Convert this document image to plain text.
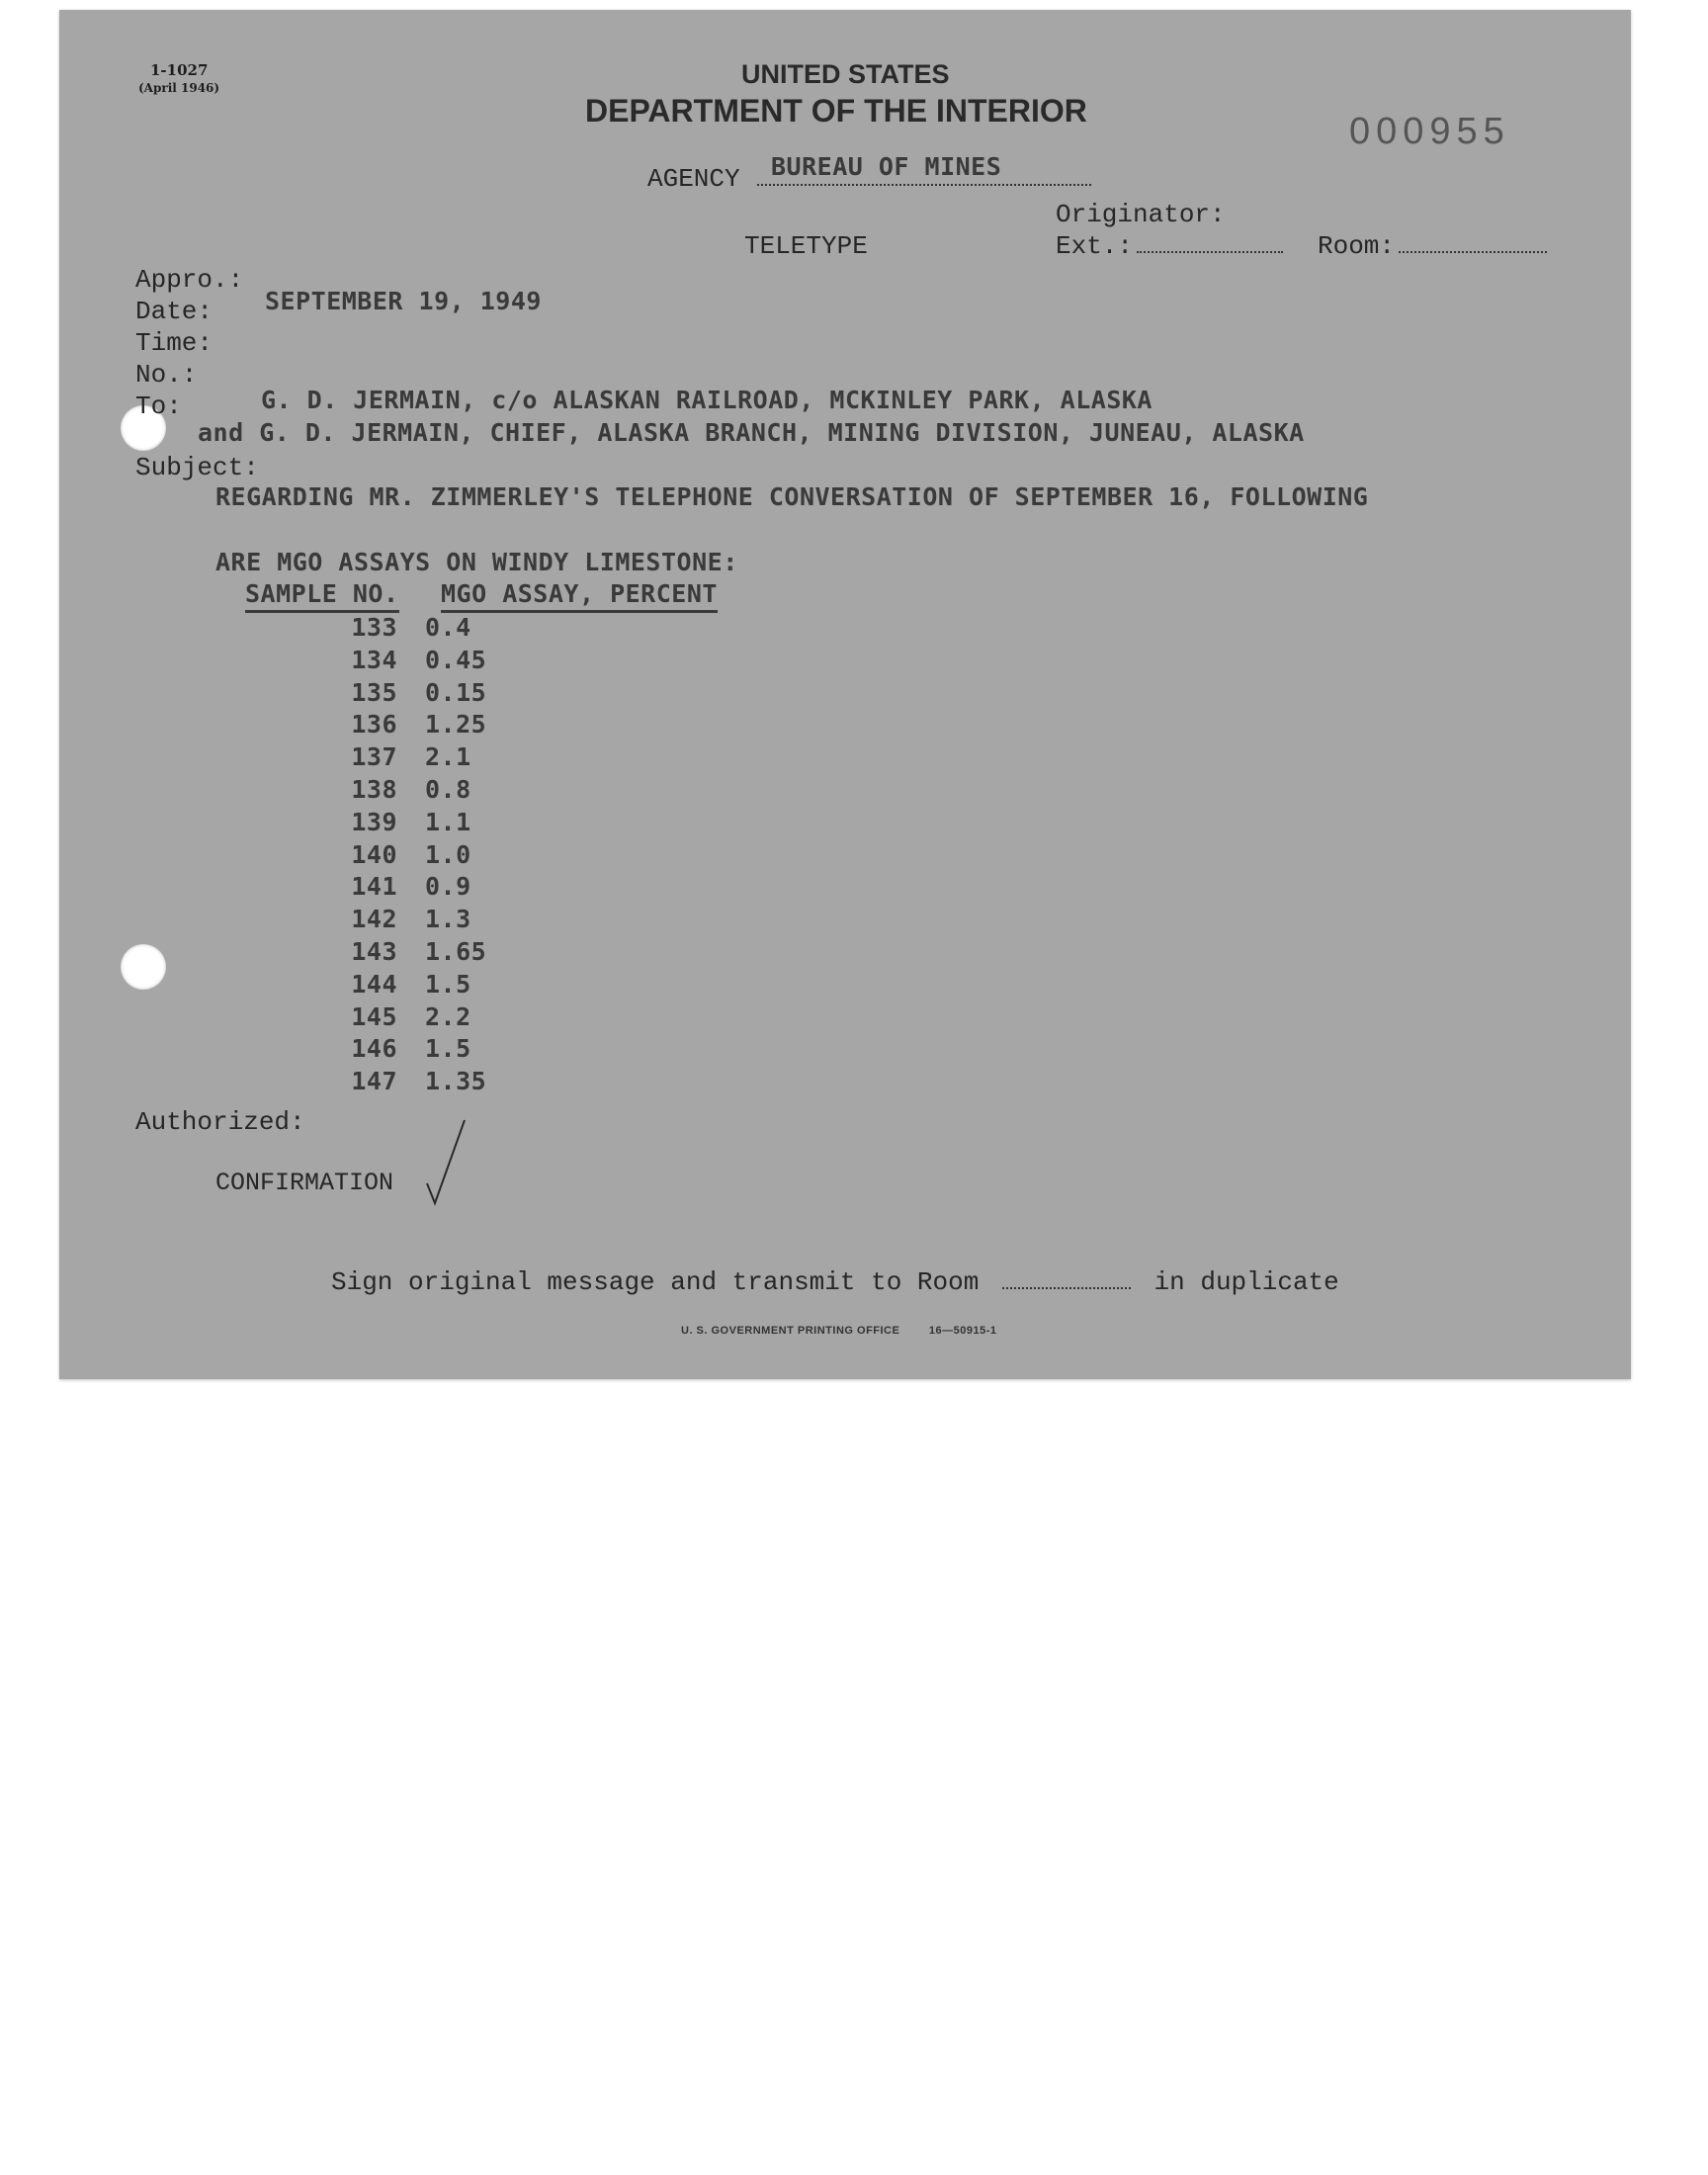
1-1027
(April 1946)	UNITED STATES
DEPARTMENT OF THE INTERIOR	000955
AGENCY BUREAU OF MINES
Originator:
TELETYPE	Ext.:	Room:
Appro.:
Date: SEPTEMBER 19, 1949
Time:
No.:
To:	G. D. JERMAIN, c/o ALASKAN RAILROAD, MCKINLEY PARK, ALASKA
and G. D. JERMAIN, CHIEF, ALASKA BRANCH, MINING DIVISION, JUNEAU, ALASKA
Subject:
REGARDING MR. ZIMMERLEY'S TELEPHONE CONVERSATION OF SEPTEMBER 16, FOLLOWING
ARE MGO ASSAYS ON WINDY LIMESTONE:
SAMPLE NO. MGO ASSAY, PERCENT
133 0.4
134 0.45
135 0.15
136 1.25
137 2.1
138 0.8
139 1.1
140 1.0
141 0.9
142 1.3
143 1.65
144 1.5
145 2.2
146 1.5
147 1.35
Authorized:
CONFIRMATION
Sign original message and transmit to Room	in duplicate
U. S. GOVERNMENT PRINTING OFFICE	16—50915-1
